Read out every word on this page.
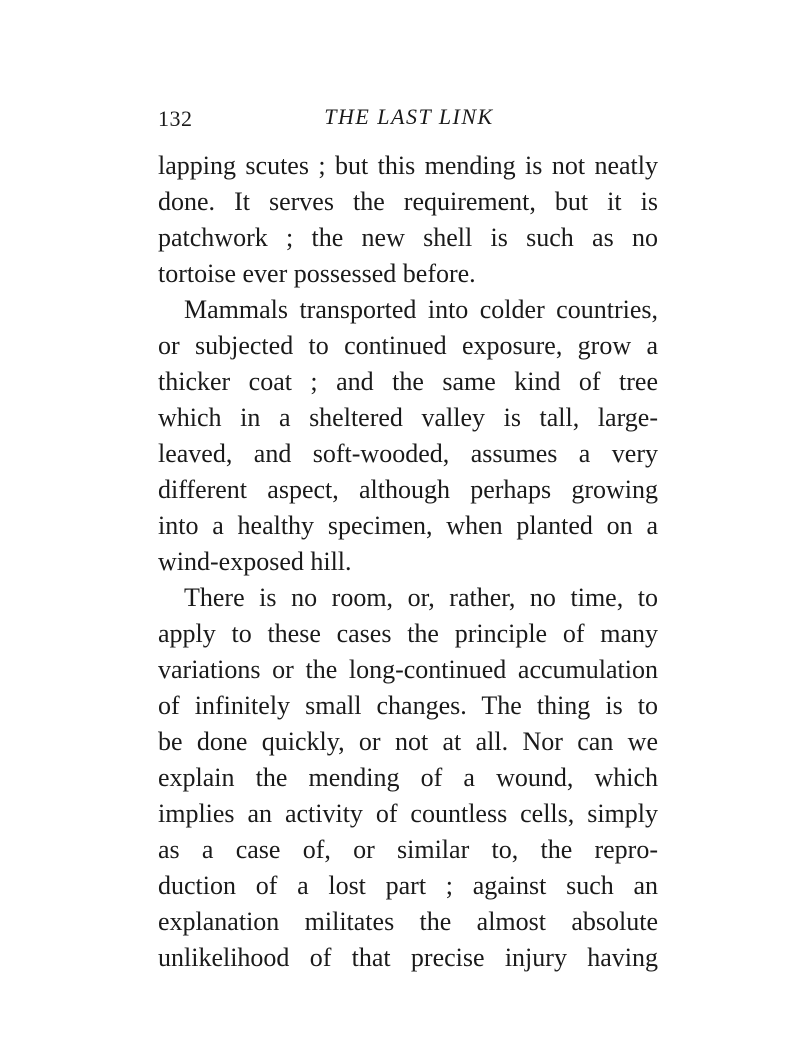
132	THE LAST LINK
lapping scutes ; but this mending is not neatly
done. It serves the requirement, but it is
patchwork ; the new shell is such as no
tortoise ever possessed before.
Mammals transported into colder countries,
or subjected to continued exposure, grow a
thicker coat ; and the same kind of tree
which in a sheltered valley is tall, large-
leaved, and soft-wooded, assumes a very
different aspect, although perhaps growing
into a healthy specimen, when planted on a
wind-exposed hill.
There is no room, or, rather, no time, to
apply to these cases the principle of many
variations or the long-continued accumulation
of infinitely small changes. The thing is to
be done quickly, or not at all. Nor can we
explain the mending of a wound, which
implies an activity of countless cells, simply
as a case of, or similar to, the repro-
duction of a lost part ; against such an
explanation militates the almost absolute
unlikelihood of that precise injury having
